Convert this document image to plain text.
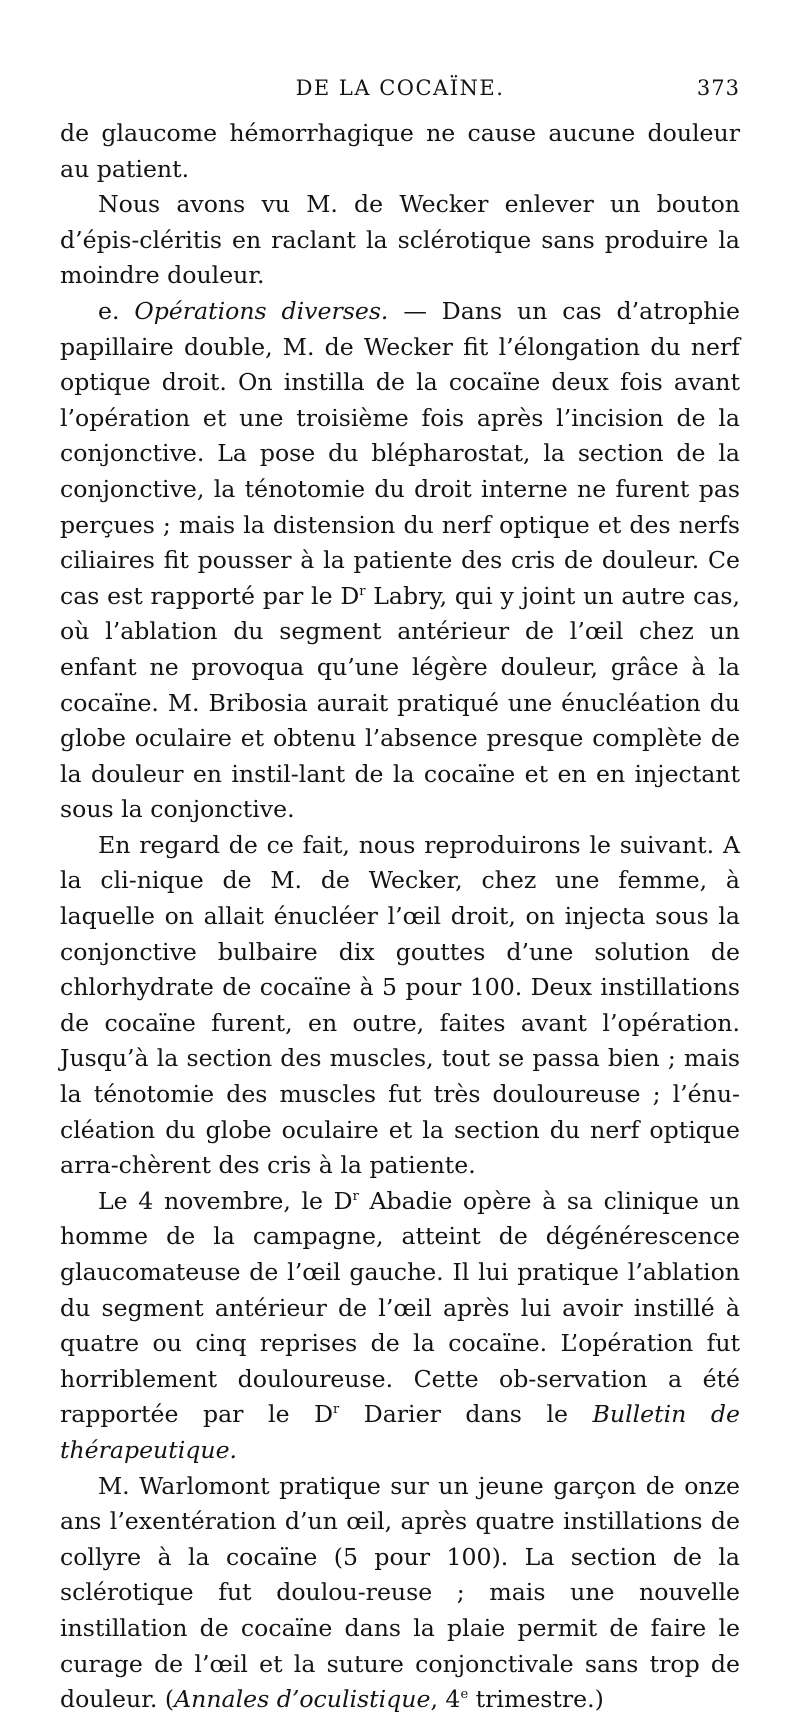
DE LA COCAÏNE.	373

de glaucome hémorrhagique ne cause aucune douleur au patient.

Nous avons vu M. de Wecker enlever un bouton d’épis-cléritis en raclant la sclérotique sans produire la moindre douleur.

e. Opérations diverses. — Dans un cas d’atrophie papillaire double, M. de Wecker fit l’élongation du nerf optique droit. On instilla de la cocaïne deux fois avant l’opération et une troisième fois après l’incision de la conjonctive. La pose du blépharostat, la section de la conjonctive, la ténotomie du droit interne ne furent pas perçues ; mais la distension du nerf optique et des nerfs ciliaires fit pousser à la patiente des cris de douleur. Ce cas est rapporté par le $D^r$ Labry, qui y joint un autre cas, où l’ablation du segment antérieur de l’œil chez un enfant ne provoqua qu’une légère douleur, grâce à la cocaïne. M. Bribosia aurait pratiqué une énucléation du globe oculaire et obtenu l’absence presque complète de la douleur en instil-lant de la cocaïne et en en injectant sous la conjonctive.

En regard de ce fait, nous reproduirons le suivant. A la cli-nique de M. de Wecker, chez une femme, à laquelle on allait énucléer l’œil droit, on injecta sous la conjonctive bulbaire dix gouttes d’une solution de chlorhydrate de cocaïne à 5 pour 100. Deux instillations de cocaïne furent, en outre, faites avant l’opération. Jusqu’à la section des muscles, tout se passa bien ; mais la ténotomie des muscles fut très douloureuse ; l’énu-cléation du globe oculaire et la section du nerf optique arra-chèrent des cris à la patiente.

Le 4 novembre, le $D^r$ Abadie opère à sa clinique un homme de la campagne, atteint de dégénérescence glaucomateuse de l’œil gauche. Il lui pratique l’ablation du segment antérieur de l’œil après lui avoir instillé à quatre ou cinq reprises de la cocaïne. L’opération fut horriblement douloureuse. Cette ob-servation a été rapportée par le $D^r$ Darier dans le Bulletin de thérapeutique.

M. Warlomont pratique sur un jeune garçon de onze ans l’exentération d’un œil, après quatre instillations de collyre à la cocaïne (5 pour 100). La section de la sclérotique fut doulou-reuse ; mais une nouvelle instillation de cocaïne dans la plaie permit de faire le curage de l’œil et la suture conjonctivale sans trop de douleur. (Annales d’oculistique, 4e trimestre.)
